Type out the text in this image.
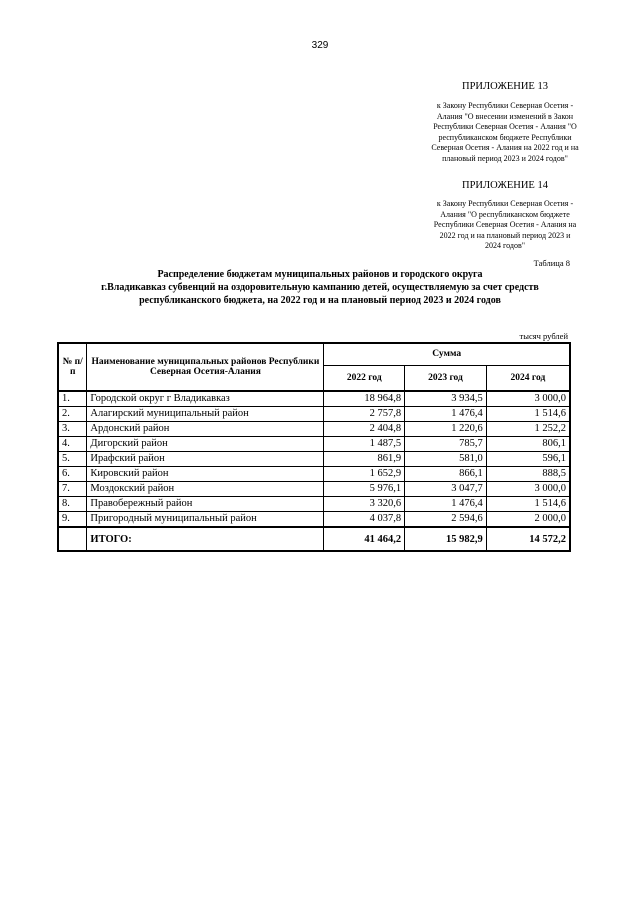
329
ПРИЛОЖЕНИЕ 13
к Закону Республики Северная Осетия -
Алания "О внесении изменений в Закон
Республики Северная Осетия - Алания "О
республиканском бюджете Республики
Северная Осетия - Алания на 2022 год и на
плановый период 2023 и 2024 годов"
ПРИЛОЖЕНИЕ 14
к Закону Республики Северная Осетия -
Алания "О республиканском бюджете
Республики Северная Осетия - Алания на
2022 год и на плановый период 2023 и
2024 годов"
Таблица 8
Распределение бюджетам муниципальных районов и городского округа
г.Владикавказ субвенций на оздоровительную кампанию детей, осуществляемую за счет средств
республиканского бюджета, на 2022 год и на плановый период 2023 и 2024 годов
тысяч рублей
№ п/п	Наименование муниципальных районов Республики Северная Осетия-Алания	Сумма		
		2022 год	2023 год	2024 год
1.	Городской округ г Владикавказ	18 964,8	3 934,5	3 000,0
2.	Алагирский муниципальный район	2 757,8	1 476,4	1 514,6
3.	Ардонский район	2 404,8	1 220,6	1 252,2
4.	Дигорский район	1 487,5	785,7	806,1
5.	Ирафский район	861,9	581,0	596,1
6.	Кировский район	1 652,9	866,1	888,5
7.	Моздокский район	5 976,1	3 047,7	3 000,0
8.	Правобережный район	3 320,6	1 476,4	1 514,6
9.	Пригородный муниципальный район	4 037,8	2 594,6	2 000,0
	ИТОГО:	41 464,2	15 982,9	14 572,2
